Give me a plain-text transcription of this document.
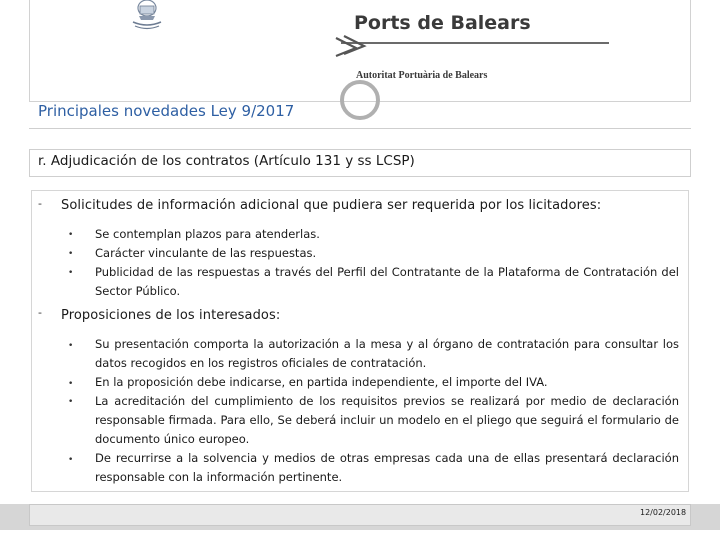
Ports de Balears
Autoritat Portuària de Balears
Principales novedades Ley 9/2017
r. Adjudicación de los contratos (Artículo 131 y ss LCSP)
- Solicitudes de información adicional que pudiera ser requerida por los licitadores:
• Se contemplan plazos para atenderlas.
• Carácter vinculante de las respuestas.
• Publicidad de las respuestas a través del Perfil del Contratante de la Plataforma de Contratación del Sector Público.
- Proposiciones de los interesados:
• Su presentación comporta la autorización a la mesa y al órgano de contratación para consultar los datos recogidos en los registros oficiales de contratación.
• En la proposición debe indicarse, en partida independiente, el importe del IVA.
• La acreditación del cumplimiento de los requisitos previos se realizará por medio de declaración responsable firmada. Para ello, Se deberá incluir un modelo en el pliego que seguirá el formulario de documento único europeo.
• De recurrirse a la solvencia y medios de otras empresas cada una de ellas presentará declaración responsable con la información pertinente.
12/02/2018
